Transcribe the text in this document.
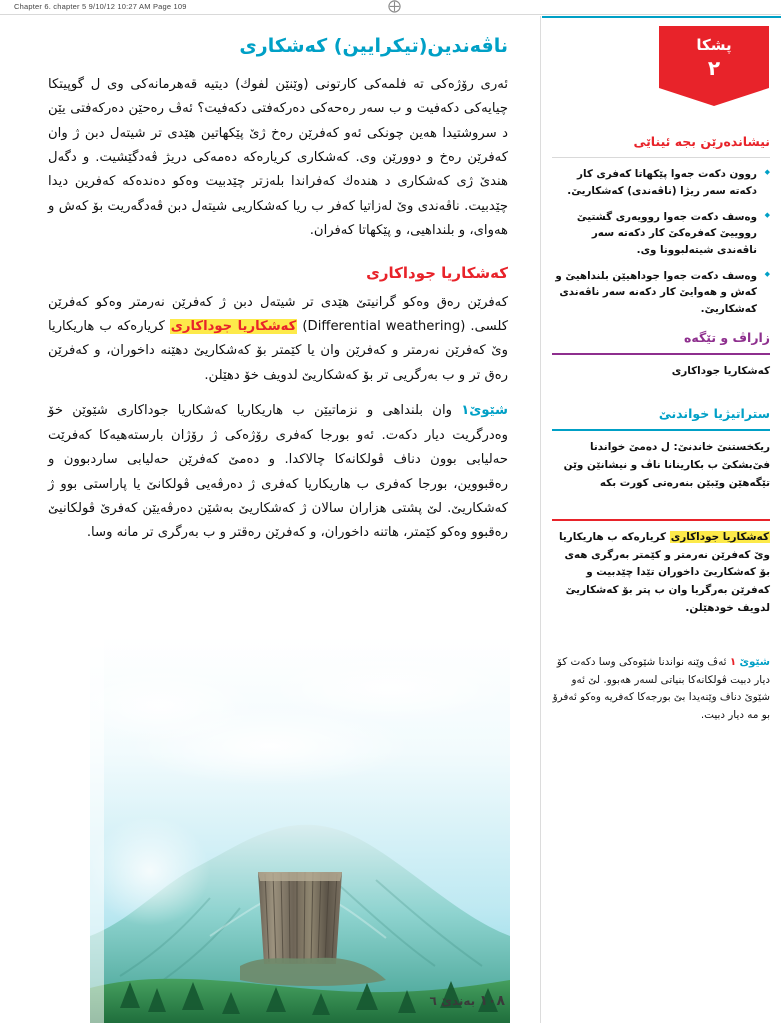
Chapter 6. chapter 5 9/10/12 10:27 AM Page 109	⨁
ناڤەندین(تیکرایین) کەشکاری

ئەری رۆژەکی تە فلمەکی کارتونی (وێنێن لفوك) دیتیە قەهرمانەکی وی ل گوپیتكا چیایەکی دکەفیت و ب سەر رەحەکی دەرکەفتی دکەفیت؟ ئەڤ رەحێن دەرکەفتی یێن د سروشتیدا هەین چونکی ئەو کەفرێن رەخ ژێ پێکهاتین هێدی تر شیتەل دبن ژ وان كەفرێن رەخ و دوورێن وی. كەشكاری کریارەکە دەمەکی دریژ ڤەدگێشیت. و دگەل هندێ ژی كەشكاری د هندەك کەفراندا بلەزتر چێدبیت وەکو دەندەكە کەفرین دیدا چێدبیت. ناڤەندی وێ لەزاتیا کەفر ب ریا کەشکاریی شیتەل دبن ڤەدگەریت بۆ كەش و هەوای، و بلنداهیی، و پێکهاتا کەفران.

کەشکاریا جوداکاری

کەفرێن رەق وەکو گرانیتێ هێدی تر شیتەل دبن ژ كەفرێن نەرمتر وەکو كەفرێن كلسی. (Differential weathering) کەشکاریا جوداکاری کریارەکە ب هاریكاریا وێ کەفرێن نەرمتر و کەفرێن وان یا کێمتر بۆ كەشکاریێ دهێنە داخوران، و كەفرێن رەق تر و ب بەرگریی تر بۆ كەشکاریێ لدویف خۆ دهێلن.

شێوێ١ وان بلنداهی و نزماتیێن ب هاریکاریا كەشکاریا جوداکاری شێوێن خۆ وەدرگریت دیار دکەت. ئەو بورجا کەفری رۆژەکی ژ رۆژان بارستەهیەكا کەفرێت حەلیابی بوون دناف ڤولکانەکا چالاکدا. و دەمێ کەفرێن حەلیابی ساردبوون و رەقبووین، بورجا کەفری ب هاریكاریا كەفری ژ دەرڤەیی ڤولکانێ یا پاراستی بوو ژ کەشکاریێ. لێ پشتی هزاران سالان ژ كەشکاریێ بەشێن دەرڤەیێن کەفرێ ڤولکانیێ رەقبوو وەکو کێمتر، هاتنە داخوران، و کەفرێن رەقتر و ب بەرگری تر مانە وسا.

١٠٨ بەندێ ٦
پشکا
٢
نیشاندەرێن بجە ئیناێی
◆ روون دکەت جەوا پێکهاتا کەفری کار دکەتە سەر ریژا (ناڤەندی) کەشکاریێ.
◆ وەسف دکەت جەوا روویەری گشتیێ رووییێ کەفرەکێ کار دکەتە سەر ناڤەندی شیتەلبوونا وی.
◆ وەسف دکەت جەوا جوداهیێن بلنداهیێ و کەش و هەوایێ کار دکەنە سەر ناڤەندی كەشکاریێ.
زاراڤ و تێگەه
کەشکاریا جوداکاری
ستراتیژیا خواندنێ
ریکخستنێ خاندنێ: ل دەمێ خواندنا فێ‌بشكێ ب بکارینانا ناڤ و نیشانێن وێن تێگەهێن وێبێن بنەرەتی کورت بکە
کەشکاریا جوداکاری کریارەکە ب هاریكاریا وێ کەفرێن نەرمتر و کێمتر بەرگری هەی بۆ كەشکاریێ داخوران تێدا چێدبیت و كەفرێن بەرگریا وان ب پتر بۆ كەشکاریێ لدویف خودهێلن.
شێوێ ١ ئەڤ وێنە نواندنا شێوەکی وسا دکەت کۆ دیار دبیت ڤولکانەکا بنیاتی لسەر هەبوو. لێ ئەو شێوێ دناف وێنەیدا بێ بورجەکا کەفریە وەکو ئەفرۆ بو مە دیار دبیت.
